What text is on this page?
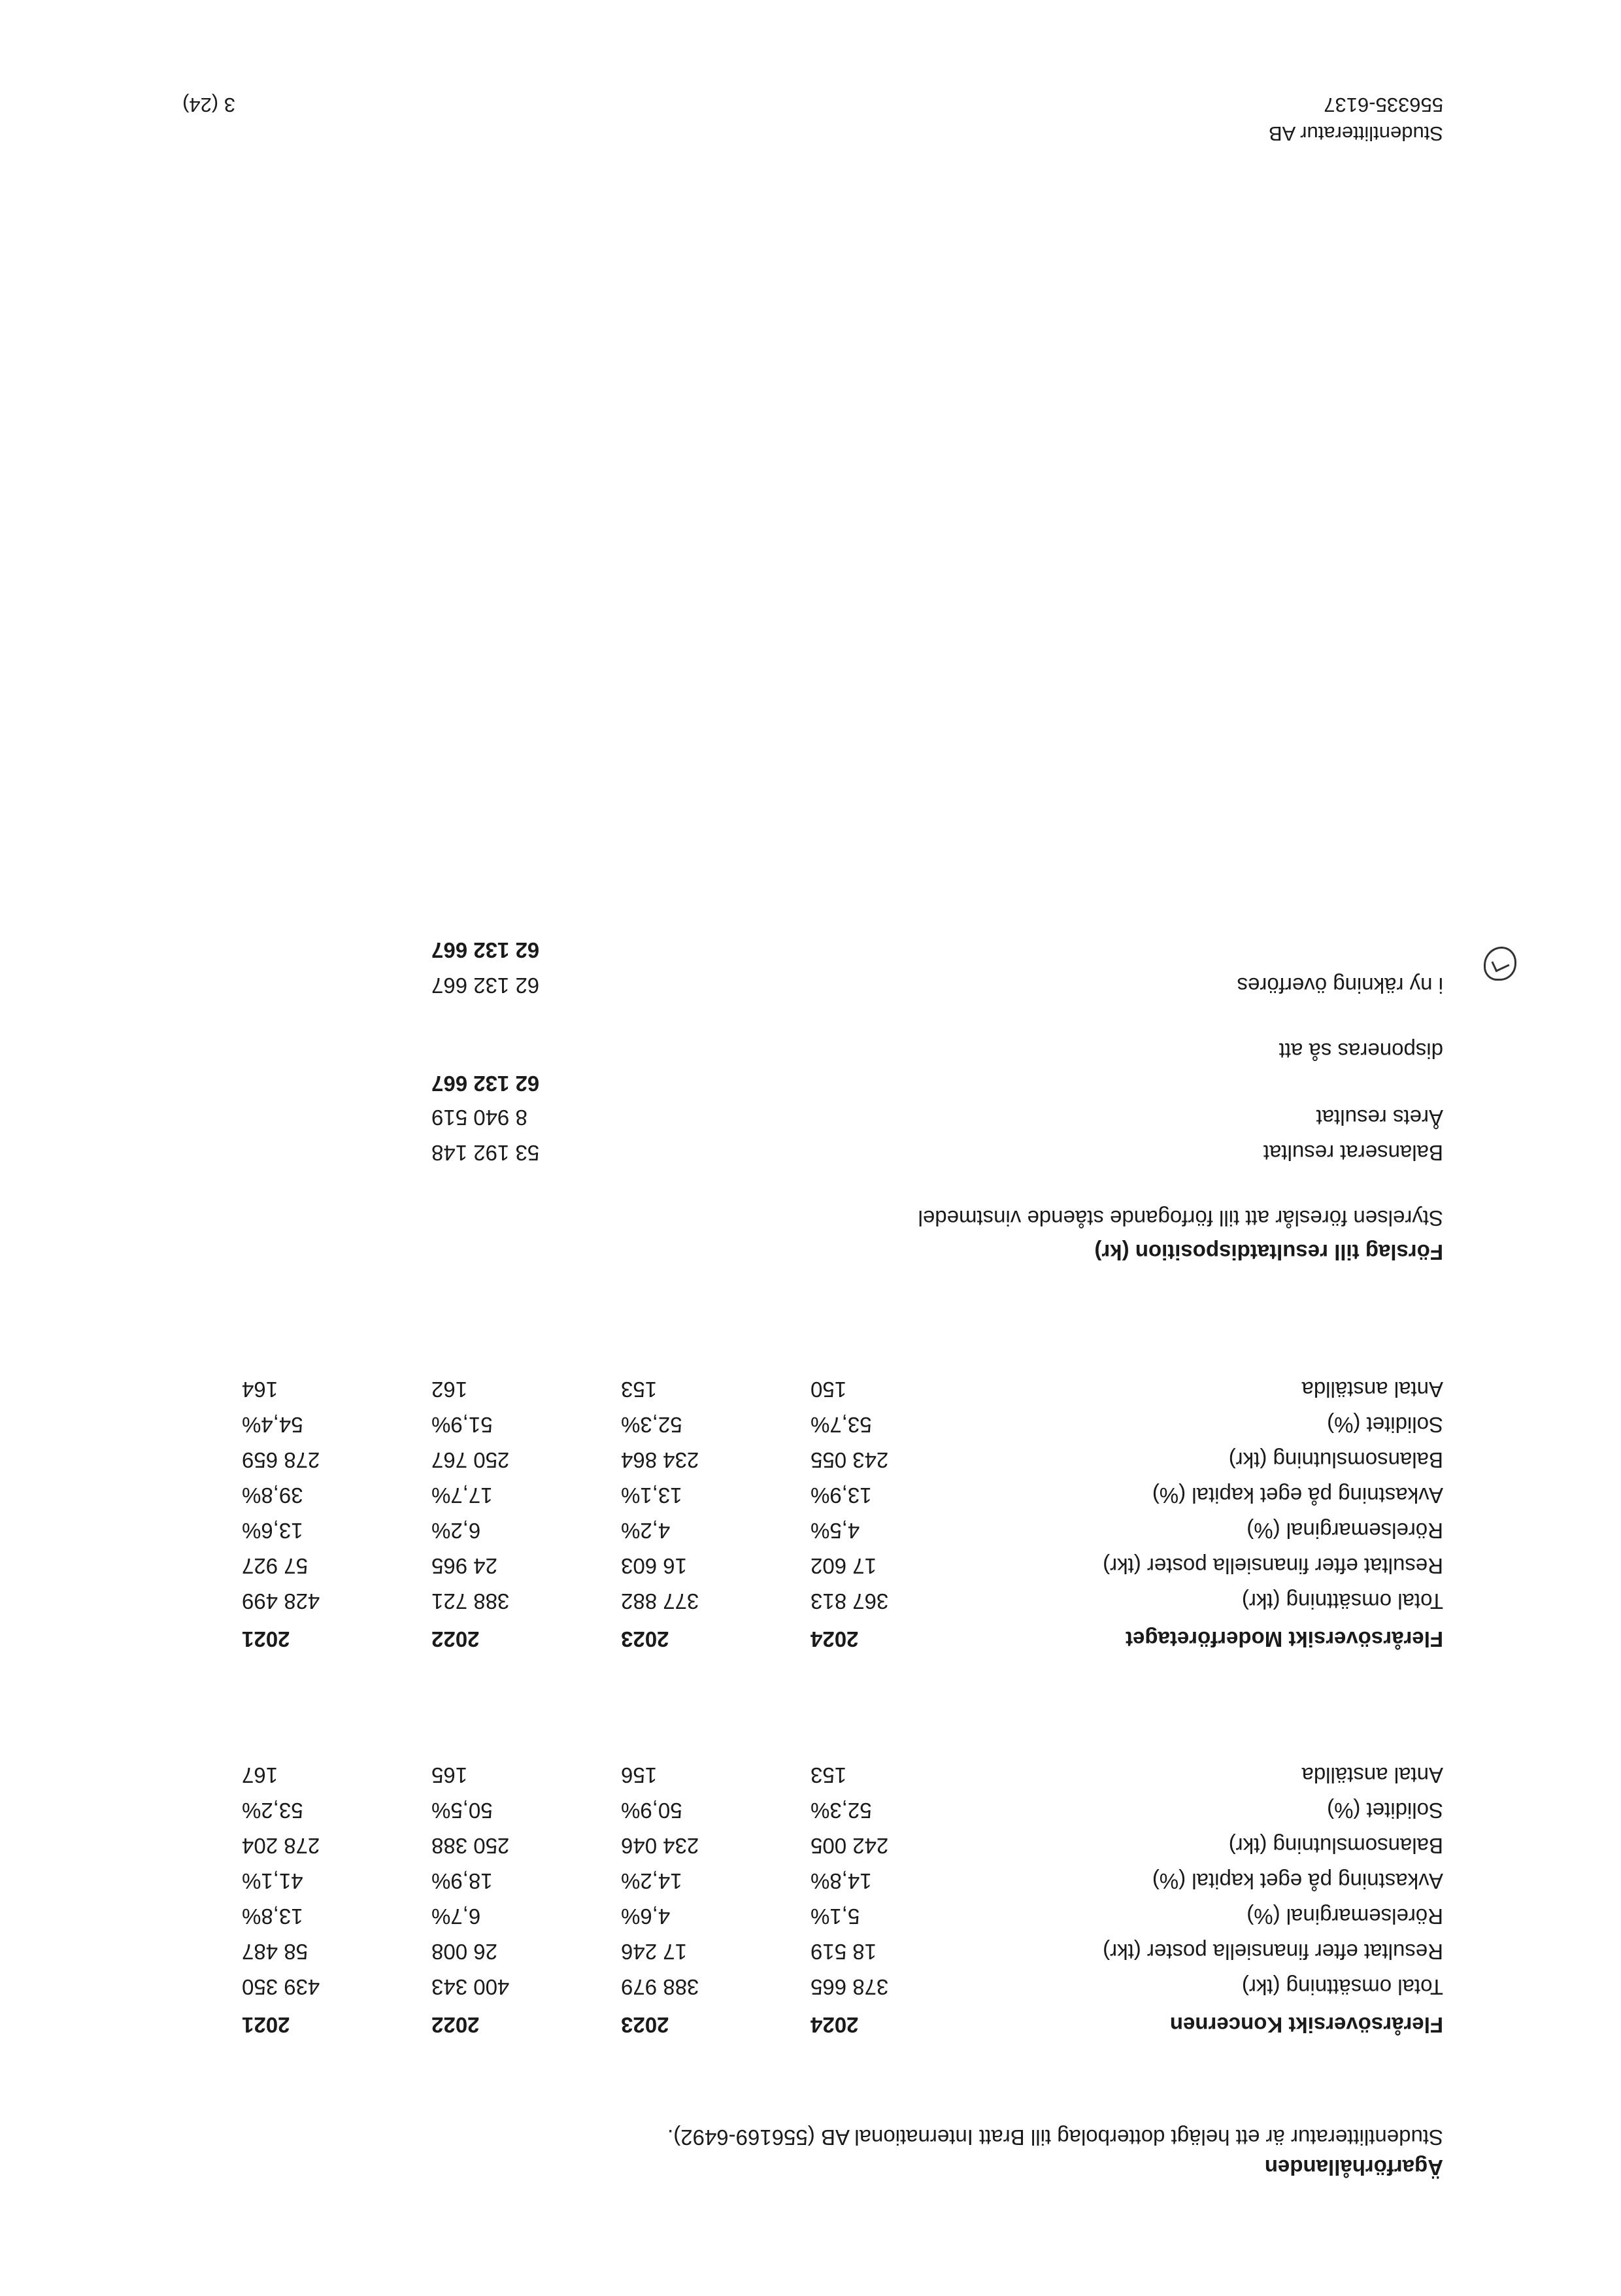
Studentlitteratur AB
556335-6137
3 (24)
Ägarförhållanden
Studentlitteratur är ett helägt dotterbolag till Bratt International AB (556169-6492).
Flerårsöversikt Koncernen
2024
2023
2022
2021
Total omsättning (tkr)
378 665
388 979
400 343
439 350
Resultat efter finansiella poster (tkr)
18 519
17 246
26 008
58 487
Rörelsemarginal (%)
5,1%
4,6%
6,7%
13,8%
Avkastning på eget kapital (%)
14,8%
14,2%
18,9%
41,1%
Balansomslutning (tkr)
242 005
234 046
250 388
278 204
Soliditet (%)
52,3%
50,9%
50,5%
53,2%
Antal anställda
153
156
165
167
Flerårsöversikt Moderföretaget
2024
2023
2022
2021
Total omsättning (tkr)
367 813
377 882
388 721
428 499
Resultat efter finansiella poster (tkr)
17 602
16 603
24 965
57 927
Rörelsemarginal (%)
4,5%
4,2%
6,2%
13,6%
Avkastning på eget kapital (%)
13,9%
13,1%
17,7%
39,8%
Balansomslutning (tkr)
243 055
234 864
250 767
278 659
Soliditet (%)
53,7%
52,3%
51,9%
54,4%
Antal anställda
150
153
162
164
Förslag till resultatdisposition (kr)
Styrelsen föreslår att till förfogande stående vinstmedel
Balanserat resultat
53 192 148
Årets resultat
8 940 519
62 132 667
disponeras så att
i ny räkning överföres
62 132 667
62 132 667
